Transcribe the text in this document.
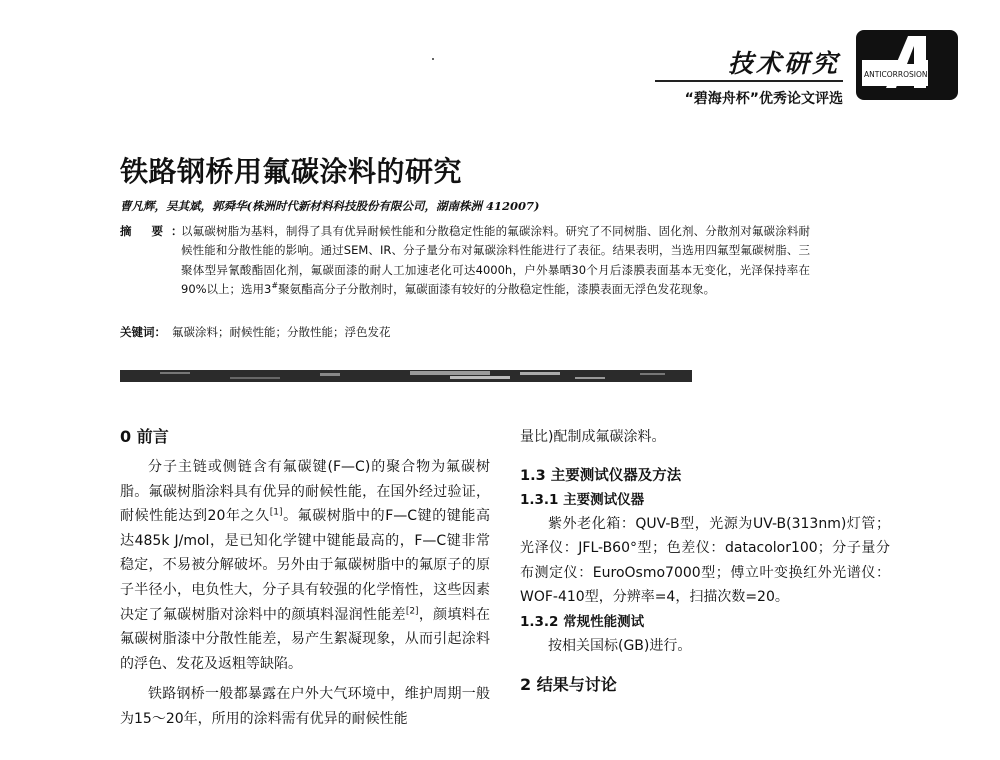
技术研究
“碧海舟杯”优秀论文评选
ANTICORROSION
铁路钢桥用氟碳涂料的研究
曹凡辉，吴其斌，郭舜华(株洲时代新材料科技股份有限公司，湖南株洲 412007)
摘 要：
以氟碳树脂为基料，制得了具有优异耐候性能和分散稳定性能的氟碳涂料。研究了不同树脂、固化剂、分散剂对氟碳涂料耐候性能和分散性能的影响。通过SEM、IR、分子量分布对氟碳涂料性能进行了表征。结果表明，当选用四氟型氟碳树脂、三聚体型异氰酸酯固化剂，氟碳面漆的耐人工加速老化可达4000h，户外暴晒30个月后漆膜表面基本无变化，光泽保持率在90%以上；选用3#聚氨酯高分子分散剂时，氟碳面漆有较好的分散稳定性能，漆膜表面无浮色发花现象。
关键词： 氟碳涂料；耐候性能；分散性能；浮色发花
0 前言

分子主链或侧链含有氟碳键(F—C)的聚合物为氟碳树脂。氟碳树脂涂料具有优异的耐候性能，在国外经过验证，耐候性能达到20年之久[1]。氟碳树脂中的F—C键的键能高达485k J/mol，是已知化学键中键能最高的，F—C键非常稳定，不易被分解破坏。另外由于氟碳树脂中的氟原子的原子半径小，电负性大，分子具有较强的化学惰性，这些因素决定了氟碳树脂对涂料中的颜填料湿润性能差[2]，颜填料在氟碳树脂漆中分散性能差，易产生絮凝现象，从而引起涂料的浮色、发花及返粗等缺陷。

铁路钢桥一般都暴露在户外大气环境中，维护周期一般为15～20年，所用的涂料需有优异的耐候性能

量比)配制成氟碳涂料。

1.3 主要测试仪器及方法
1.3.1 主要测试仪器

紫外老化箱：QUV-B型，光源为UV-B(313nm)灯管；光泽仪：JFL-B60°型；色差仪：datacolor100；分子量分布测定仪：EuroOsmo7000型；傅立叶变换红外光谱仪：WOF-410型，分辨率=4，扫描次数=20。

1.3.2 常规性能测试

按相关国标(GB)进行。

2 结果与讨论
